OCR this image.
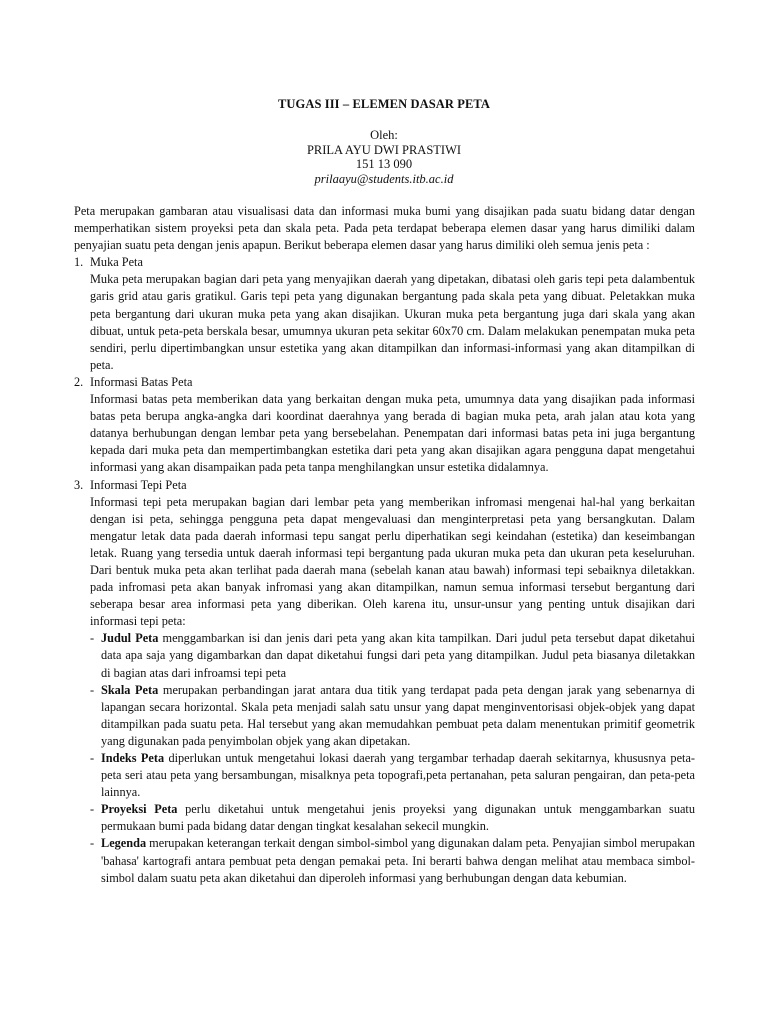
TUGAS III – ELEMEN DASAR PETA
Oleh:
PRILA AYU DWI PRASTIWI
151 13 090
prilaayu@students.itb.ac.id

Peta merupakan gambaran atau visualisasi data dan informasi muka bumi yang disajikan pada suatu bidang datar dengan memperhatikan sistem proyeksi peta dan skala peta. Pada peta terdapat beberapa elemen dasar yang harus dimiliki dalam penyajian suatu peta dengan jenis apapun. Berikut beberapa elemen dasar yang harus dimiliki oleh semua jenis peta :

1. Muka Peta

Muka peta merupakan bagian dari peta yang menyajikan daerah yang dipetakan, dibatasi oleh garis tepi peta dalambentuk garis grid atau garis gratikul. Garis tepi peta yang digunakan bergantung pada skala peta yang dibuat. Peletakkan muka peta bergantung dari ukuran muka peta yang akan disajikan. Ukuran muka peta bergantung juga dari skala yang akan dibuat, untuk peta-peta berskala besar, umumnya ukuran peta sekitar 60x70 cm. Dalam melakukan penempatan muka peta sendiri, perlu dipertimbangkan unsur estetika yang akan ditampilkan dan informasi-informasi yang akan ditampilkan di peta.

2. Informasi Batas Peta

Informasi batas peta memberikan data yang berkaitan dengan muka peta, umumnya data yang disajikan pada informasi batas peta berupa angka-angka dari koordinat daerahnya yang berada di bagian muka peta, arah jalan atau kota yang datanya berhubungan dengan lembar peta yang bersebelahan. Penempatan dari informasi batas peta ini juga bergantung kepada dari muka peta dan mempertimbangkan estetika dari peta yang akan disajikan agara pengguna dapat mengetahui informasi yang akan disampaikan pada peta tanpa menghilangkan unsur estetika didalamnya.

3. Informasi Tepi Peta

Informasi tepi peta merupakan bagian dari lembar peta yang memberikan infromasi mengenai hal-hal yang berkaitan dengan isi peta, sehingga pengguna peta dapat mengevaluasi dan menginterpretasi peta yang bersangkutan. Dalam mengatur letak data pada daerah informasi tepu sangat perlu diperhatikan segi keindahan (estetika) dan keseimbangan letak. Ruang yang tersedia untuk daerah informasi tepi bergantung pada ukuran muka peta dan ukuran peta keseluruhan. Dari bentuk muka peta akan terlihat pada daerah mana (sebelah kanan atau bawah) informasi tepi sebaiknya diletakkan. pada infromasi peta akan banyak infromasi yang akan ditampilkan, namun semua informasi tersebut bergantung dari seberapa besar area informasi peta yang diberikan. Oleh karena itu, unsur-unsur yang penting untuk disajikan dari informasi tepi peta:

- Judul Peta menggambarkan isi dan jenis dari peta yang akan kita tampilkan. Dari judul peta tersebut dapat diketahui data apa saja yang digambarkan dan dapat diketahui fungsi dari peta yang ditampilkan. Judul peta biasanya diletakkan di bagian atas dari infroamsi tepi peta
- Skala Peta merupakan perbandingan jarat antara dua titik yang terdapat pada peta dengan jarak yang sebenarnya di lapangan secara horizontal. Skala peta menjadi salah satu unsur yang dapat menginventorisasi objek-objek yang dapat ditampilkan pada suatu peta. Hal tersebut yang akan memudahkan pembuat peta dalam menentukan primitif geometrik yang digunakan pada penyimbolan objek yang akan dipetakan.
- Indeks Peta diperlukan untuk mengetahui lokasi daerah yang tergambar terhadap daerah sekitarnya, khususnya peta-peta seri atau peta yang bersambungan, misalknya peta topografi,peta pertanahan, peta saluran pengairan, dan peta-peta lainnya.
- Proyeksi Peta perlu diketahui untuk mengetahui jenis proyeksi yang digunakan untuk menggambarkan suatu permukaan bumi pada bidang datar dengan tingkat kesalahan sekecil mungkin.
- Legenda merupakan keterangan terkait dengan simbol-simbol yang digunakan dalam peta. Penyajian simbol merupakan 'bahasa' kartografi antara pembuat peta dengan pemakai peta. Ini berarti bahwa dengan melihat atau membaca simbol-simbol dalam suatu peta akan diketahui dan diperoleh informasi yang berhubungan dengan data kebumian.
